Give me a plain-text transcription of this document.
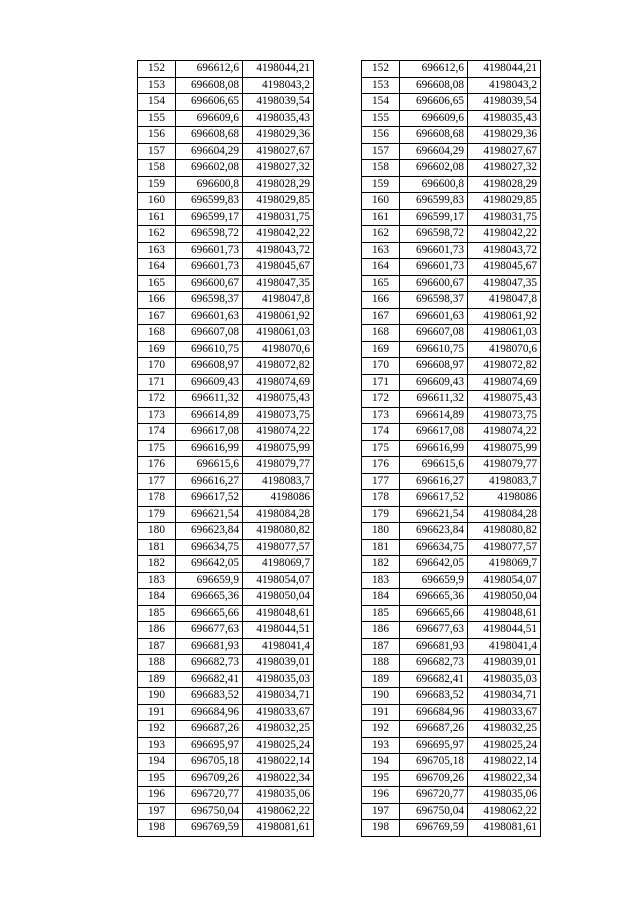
152	696612,6	4198044,21
153	696608,08	4198043,2
154	696606,65	4198039,54
155	696609,6	4198035,43
156	696608,68	4198029,36
157	696604,29	4198027,67
158	696602,08	4198027,32
159	696600,8	4198028,29
160	696599,83	4198029,85
161	696599,17	4198031,75
162	696598,72	4198042,22
163	696601,73	4198043,72
164	696601,73	4198045,67
165	696600,67	4198047,35
166	696598,37	4198047,8
167	696601,63	4198061,92
168	696607,08	4198061,03
169	696610,75	4198070,6
170	696608,97	4198072,82
171	696609,43	4198074,69
172	696611,32	4198075,43
173	696614,89	4198073,75
174	696617,08	4198074,22
175	696616,99	4198075,99
176	696615,6	4198079,77
177	696616,27	4198083,7
178	696617,52	4198086
179	696621,54	4198084,28
180	696623,84	4198080,82
181	696634,75	4198077,57
182	696642,05	4198069,7
183	696659,9	4198054,07
184	696665,36	4198050,04
185	696665,66	4198048,61
186	696677,63	4198044,51
187	696681,93	4198041,4
188	696682,73	4198039,01
189	696682,41	4198035,03
190	696683,52	4198034,71
191	696684,96	4198033,67
192	696687,26	4198032,25
193	696695,97	4198025,24
194	696705,18	4198022,14
195	696709,26	4198022,34
196	696720,77	4198035,06
197	696750,04	4198062,22
198	696769,59	4198081,61
152	696612,6	4198044,21
153	696608,08	4198043,2
154	696606,65	4198039,54
155	696609,6	4198035,43
156	696608,68	4198029,36
157	696604,29	4198027,67
158	696602,08	4198027,32
159	696600,8	4198028,29
160	696599,83	4198029,85
161	696599,17	4198031,75
162	696598,72	4198042,22
163	696601,73	4198043,72
164	696601,73	4198045,67
165	696600,67	4198047,35
166	696598,37	4198047,8
167	696601,63	4198061,92
168	696607,08	4198061,03
169	696610,75	4198070,6
170	696608,97	4198072,82
171	696609,43	4198074,69
172	696611,32	4198075,43
173	696614,89	4198073,75
174	696617,08	4198074,22
175	696616,99	4198075,99
176	696615,6	4198079,77
177	696616,27	4198083,7
178	696617,52	4198086
179	696621,54	4198084,28
180	696623,84	4198080,82
181	696634,75	4198077,57
182	696642,05	4198069,7
183	696659,9	4198054,07
184	696665,36	4198050,04
185	696665,66	4198048,61
186	696677,63	4198044,51
187	696681,93	4198041,4
188	696682,73	4198039,01
189	696682,41	4198035,03
190	696683,52	4198034,71
191	696684,96	4198033,67
192	696687,26	4198032,25
193	696695,97	4198025,24
194	696705,18	4198022,14
195	696709,26	4198022,34
196	696720,77	4198035,06
197	696750,04	4198062,22
198	696769,59	4198081,61
